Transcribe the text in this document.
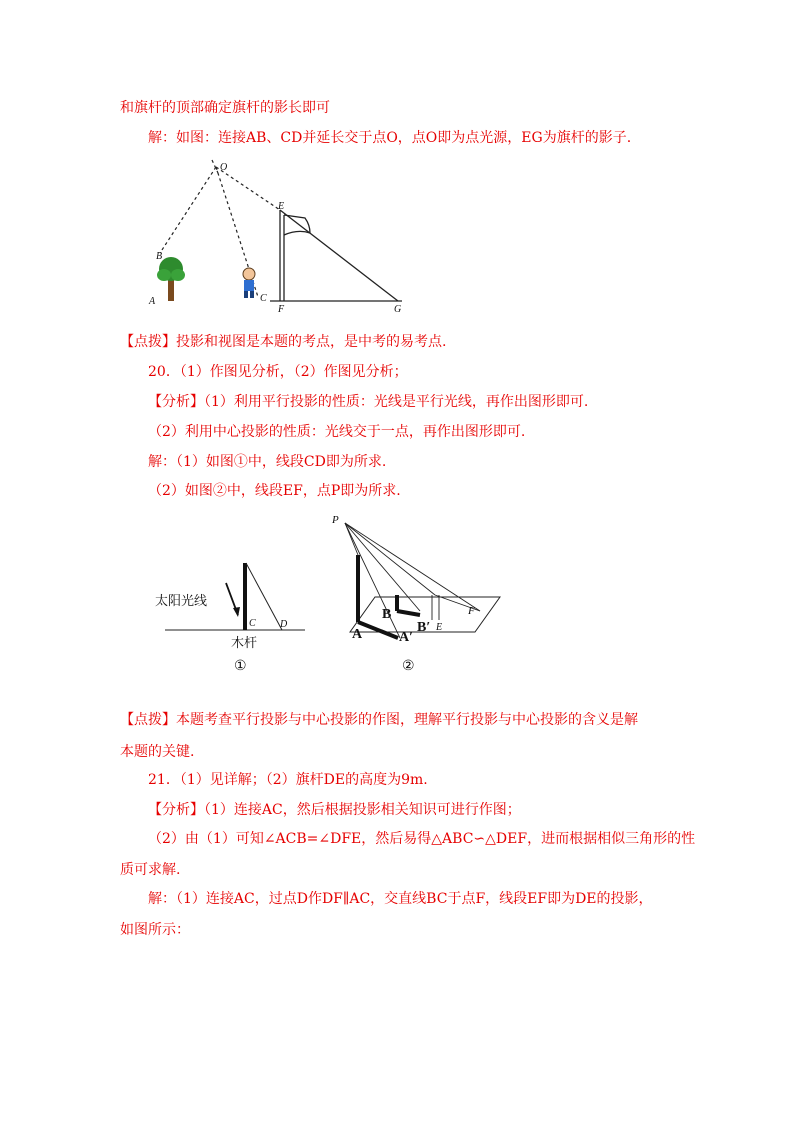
和旗杆的顶部确定旗杆的影长即可
解：如图：连接AB、CD并延长交于点O，点O即为点光源，EG为旗杆的影子.
O
E
B
A	C
F	G
【点拨】投影和视图是本题的考点，是中考的易考点.
20．（1）作图见分析，（2）作图见分析；
【分析】（1）利用平行投影的性质：光线是平行光线，再作出图形即可.
（2）利用中心投影的性质：光线交于一点，再作出图形即可.
解：（1）如图①中，线段CD即为所求.
（2）如图②中，线段EF，点P即为所求.
太阳光线
C D
木杆
①
P
B
B′ E
F
A	A′
②
【点拨】本题考查平行投影与中心投影的作图，理解平行投影与中心投影的含义是解
本题的关键.
21．（1）见详解；（2）旗杆DE的高度为9m.
【分析】（1）连接AC，然后根据投影相关知识可进行作图；
（2）由（1）可知∠ACB=∠DFE，然后易得△ABC∽△DEF，进而根据相似三角形的性
质可求解.
解：（1）连接AC，过点D作DF∥AC，交直线BC于点F，线段EF即为DE的投影，
如图所示：
